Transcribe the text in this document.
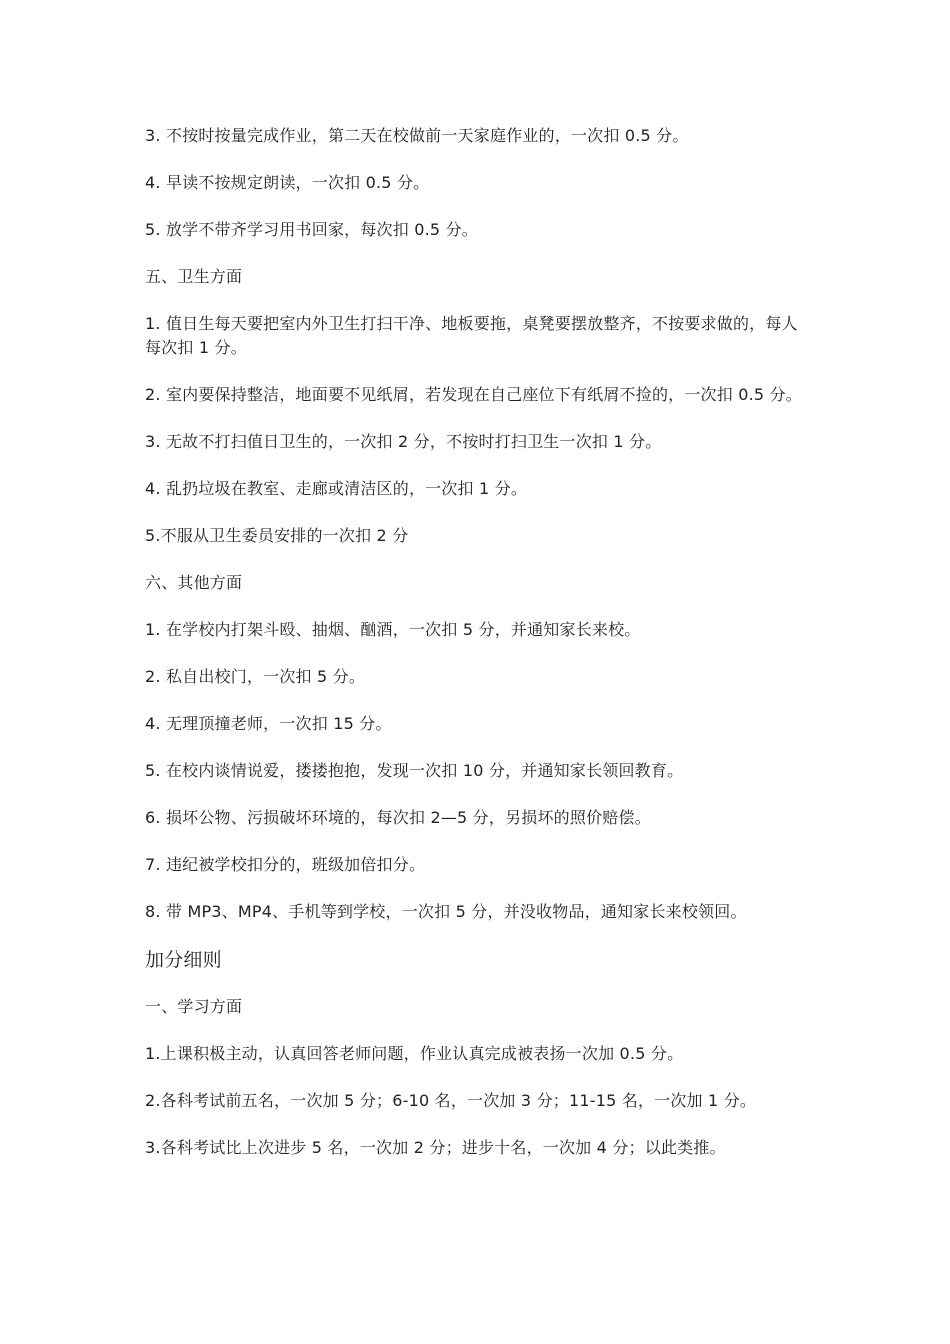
3. 不按时按量完成作业，第二天在校做前一天家庭作业的，一次扣 0.5 分。

4. 早读不按规定朗读，一次扣 0.5 分。

5. 放学不带齐学习用书回家，每次扣 0.5 分。

五、卫生方面

1. 值日生每天要把室内外卫生打扫干净、地板要拖，桌凳要摆放整齐，不按要求做的，每人每次扣 1 分。

2. 室内要保持整洁，地面要不见纸屑，若发现在自己座位下有纸屑不捡的，一次扣 0.5 分。

3. 无故不打扫值日卫生的，一次扣 2 分，不按时打扫卫生一次扣 1 分。

4. 乱扔垃圾在教室、走廊或清洁区的，一次扣 1 分。

5.不服从卫生委员安排的一次扣 2 分

六、其他方面

1. 在学校内打架斗殴、抽烟、酗酒，一次扣 5 分，并通知家长来校。

2. 私自出校门，一次扣 5 分。

4. 无理顶撞老师，一次扣 15 分。

5. 在校内谈情说爱，搂搂抱抱，发现一次扣 10 分，并通知家长领回教育。

6. 损坏公物、污损破坏环境的，每次扣 2—5 分，另损坏的照价赔偿。

7. 违纪被学校扣分的，班级加倍扣分。

8. 带 MP3、MP4、手机等到学校，一次扣 5 分，并没收物品，通知家长来校领回。

加分细则

一、学习方面

1.上课积极主动，认真回答老师问题，作业认真完成被表扬一次加 0.5 分。

2.各科考试前五名，一次加 5 分；6-10 名，一次加 3 分；11-15 名，一次加 1 分。

3.各科考试比上次进步 5 名，一次加 2 分；进步十名，一次加 4 分；以此类推。
